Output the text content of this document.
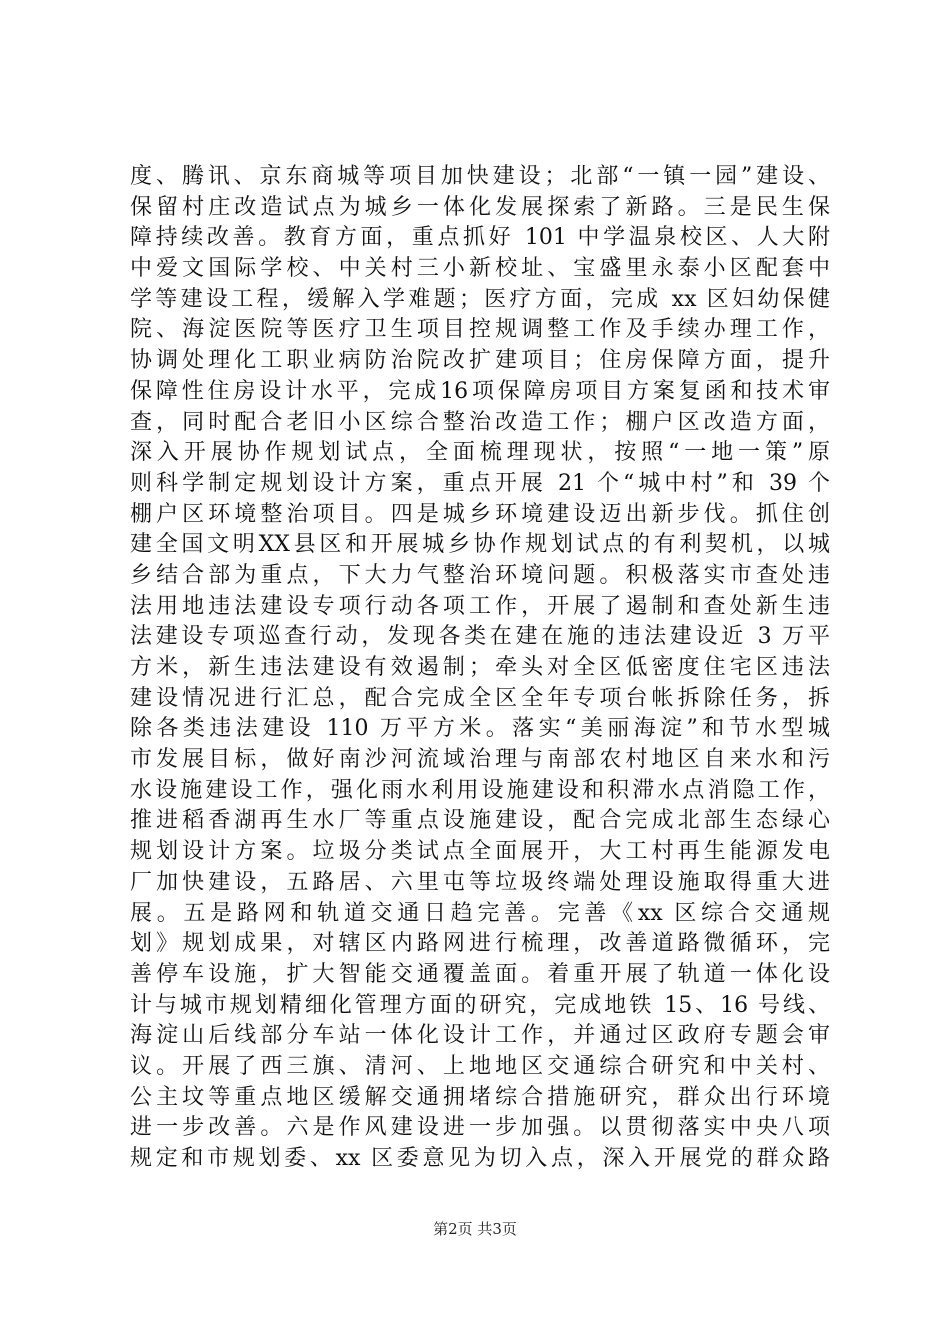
度、腾讯、京东商城等项目加快建设；北部“一镇一园”建设、
保留村庄改造试点为城乡一体化发展探索了新路。三是民生保
障持续改善。教育方面，重点抓好 101 中学温泉校区、人大附
中爱文国际学校、中关村三小新校址、宝盛里永泰小区配套中
学等建设工程，缓解入学难题；医疗方面，完成 xx 区妇幼保健
院、海淀医院等医疗卫生项目控规调整工作及手续办理工作，
协调处理化工职业病防治院改扩建项目；住房保障方面，提升
保障性住房设计水平，完成16项保障房项目方案复函和技术审
查，同时配合老旧小区综合整治改造工作；棚户区改造方面，
深入开展协作规划试点，全面梳理现状，按照“一地一策”原
则科学制定规划设计方案，重点开展 21 个“城中村”和 39 个
棚户区环境整治项目。四是城乡环境建设迈出新步伐。抓住创
建全国文明XX县区和开展城乡协作规划试点的有利契机，以城
乡结合部为重点，下大力气整治环境问题。积极落实市查处违
法用地违法建设专项行动各项工作，开展了遏制和查处新生违
法建设专项巡查行动，发现各类在建在施的违法建设近 3 万平
方米，新生违法建设有效遏制；牵头对全区低密度住宅区违法
建设情况进行汇总，配合完成全区全年专项台帐拆除任务，拆
除各类违法建设 110 万平方米。落实“美丽海淀”和节水型城
市发展目标，做好南沙河流域治理与南部农村地区自来水和污
水设施建设工作，强化雨水利用设施建设和积滞水点消隐工作，
推进稻香湖再生水厂等重点设施建设，配合完成北部生态绿心
规划设计方案。垃圾分类试点全面展开，大工村再生能源发电
厂加快建设，五路居、六里屯等垃圾终端处理设施取得重大进
展。五是路网和轨道交通日趋完善。完善《xx 区综合交通规
划》规划成果，对辖区内路网进行梳理，改善道路微循环，完
善停车设施，扩大智能交通覆盖面。着重开展了轨道一体化设
计与城市规划精细化管理方面的研究，完成地铁 15、16 号线、
海淀山后线部分车站一体化设计工作，并通过区政府专题会审
议。开展了西三旗、清河、上地地区交通综合研究和中关村、
公主坟等重点地区缓解交通拥堵综合措施研究，群众出行环境
进一步改善。六是作风建设进一步加强。以贯彻落实中央八项
规定和市规划委、xx 区委意见为切入点，深入开展党的群众路
第2页 共3页
